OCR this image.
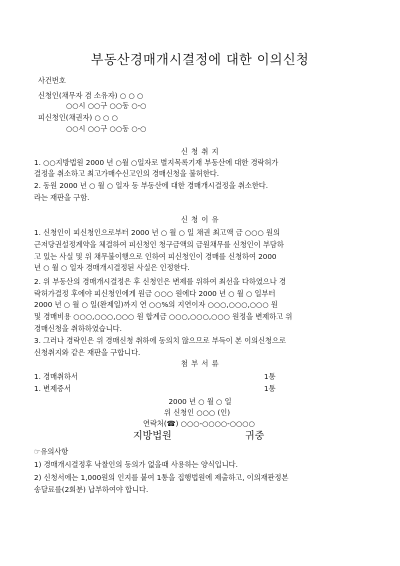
부동산경매개시결정에 대한 이의신청
사건번호
신청인(채무자 겸 소유자) ○ ○ ○
○○시 ○○구 ○○동 ○-○
피신청인(채권자) ○ ○ ○
○○시 ○○구 ○○동 ○-○
신 청 취 지
1. ○○지방법원 2000 년 ○월 ○일자로 별지목록기재 부동산에 대한 경락허가
결정을 취소하고 최고가매수신고인의 경매신청을 불허한다.
2. 동원 2000 년 ○ 월 ○ 일자 동 부동산에 대한 경매개시결정을 취소한다.
라는 재판을 구함.
신 청 이 유
1. 신청인이 피신청인으로부터 2000 년 ○ 월 ○ 일 채권 최고액 금 ○○○ 원의
근저당권설정계약을 체결하여 피신청인 청구금액의 금원채무를 신청인이 부담하
고 있는 사실 및 위 채무불이행으로 인하여 피신청인이 경매를 신청하여 2000
년 ○ 월 ○ 일자 경매개시결정된 사실은 인정한다.
2. 위 부동산의 경매개시결정은 후 신청인은 변제를 위하여 최선을 다하였으나 경
락허가결정 후에야 피신청인에게 원금 ○○○ 원에다 2000 년 ○ 월 ○ 일부터
2000 년 ○ 월 ○ 일(완제일)까지 연 ○○%의 지연이자 ○○○,○○○,○○○ 원
및 경매비용 ○○○,○○○,○○○ 원 합계금 ○○○,○○○,○○○ 원정을 변제하고 위
경매신청을 취하하였습니다.
3. 그러나 경락인은 위 경매신청 취하에 동의치 않으므로 부득이 본 이의신청으로
신청취지와 같은 재판을 구합니다.
첨 부 서 류
1. 경매취하서	1통
1. 변제증서	1통
2000 년 ○ 월 ○ 일
위 신청인 ○○○ (인)
연락처(☎) ○○○-○○○○-○○○○
지방법원	귀중
☞유의사항
1) 경매개시결정후 낙찰인의 동의가 없을때 사용하는 양식입니다.
2) 신청서에는 1,000원의 인지를 붙여 1통을 집행법원에 제출하고, 이의재판정본
송달료를(2회분) 납부하여야 합니다.
